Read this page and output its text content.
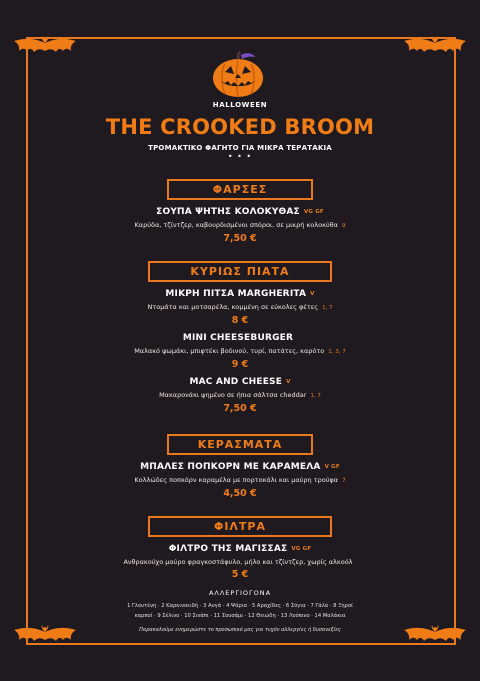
HALLOWEEN
THE CROOKED BROOM
ΤΡΟΜΑΚΤΙΚΟ ΦΑΓΗΤΟ ΓΙΑ ΜΙΚΡΑ ΤΕΡΑΤΑΚΙΑ
• • •
ΦΑΡΣΕΣ
ΣΟΥΠΑ ΨΗΤΗΣ ΚΟΛΟΚΥΘΑΣ VG GF
Καρύδα, τζίντζερ, καβουρδισμένοι σπόροι, σε μικρή κολοκύθα 9
7,50 €
ΚΥΡΙΩΣ ΠΙΑΤΑ
ΜΙΚΡΗ ΠΙΤΣΑ MARGHERITA V
Ντομάτα και μοτσαρέλα, κομμένη σε εύκολες φέτες 1, 7
8 €
MINI CHEESEBURGER
Μαλακό ψωμάκι, μπιφτέκι βοδινού, τυρί, πατάτες, καρότο 1, 3, 7
9 €
MAC AND CHEESE V
Μακαρονάκι ψημένο σε ήπια σάλτσα cheddar 1, 7
7,50 €
ΚΕΡΑΣΜΑΤΑ
ΜΠΑΛΕΣ ΠΟΠΚΟΡΝ ΜΕ ΚΑΡΑΜΕΛΑ V GF
Κολλώδες ποπκόρν καραμέλα με πορτοκάλι και μαύρη τρούφα 7
4,50 €
ΦΙΛΤΡΑ
ΦΙΛΤΡΟ ΤΗΣ ΜΑΓΙΣΣΑΣ VG GF
Ανθρακούχο μαύρο φραγκοστάφυλο, μήλο και τζίντζερ, χωρίς αλκοόλ
5 €
ΑΛΛΕΡΓΙΟΓΟΝΑ
1 Γλουτένη · 2 Καρκινοειδή · 3 Αυγά · 4 Ψάρια · 5 Αραχίδες · 6 Σόγια · 7 Γάλα · 8 Ξηροί
καρποί · 9 Σέλινο · 10 Σινάπι · 11 Σουσάμι · 12 Θειώδη · 13 Λούπινο · 14 Μαλάκια
Παρακαλούμε ενημερώστε το προσωπικό μας για τυχόν αλλεργίες ή δυσανεξίες
